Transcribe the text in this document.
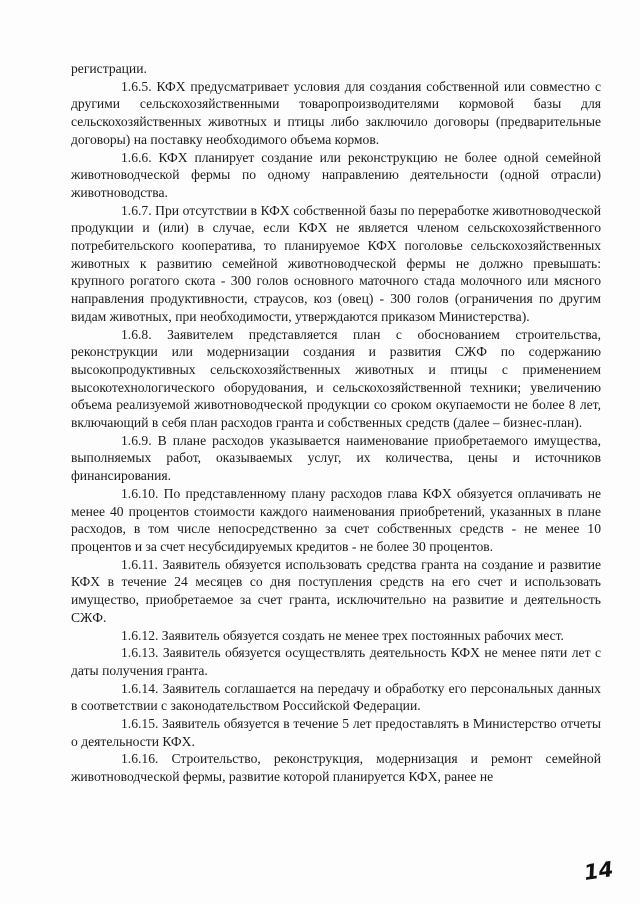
регистрации.

1.6.5. КФХ предусматривает условия для создания собственной или совместно с другими сельскохозяйственными товаропроизводителями кормовой базы для сельскохозяйственных животных и птицы либо заключило договоры (предварительные договоры) на поставку необходимого объема кормов.

1.6.6. КФХ планирует создание или реконструкцию не более одной семейной животноводческой фермы по одному направлению деятельности (одной отрасли) животноводства.

1.6.7. При отсутствии в КФХ собственной базы по переработке животноводческой продукции и (или) в случае, если КФХ не является членом сельскохозяйственного потребительского кооператива, то планируемое КФХ поголовье сельскохозяйственных животных к развитию семейной животноводческой фермы не должно превышать: крупного рогатого скота - 300 голов основного маточного стада молочного или мясного направления продуктивности, страусов, коз (овец) - 300 голов (ограничения по другим видам животных, при необходимости, утверждаются приказом Министерства).

1.6.8. Заявителем представляется план с обоснованием строительства, реконструкции или модернизации создания и развития СЖФ по содержанию высокопродуктивных сельскохозяйственных животных и птицы с применением высокотехнологического оборудования, и сельскохозяйственной техники; увеличению объема реализуемой животноводческой продукции со сроком окупаемости не более 8 лет, включающий в себя план расходов гранта и собственных средств (далее – бизнес-план).

1.6.9. В плане расходов указывается наименование приобретаемого имущества, выполняемых работ, оказываемых услуг, их количества, цены и источников финансирования.

1.6.10. По представленному плану расходов глава КФХ обязуется оплачивать не менее 40 процентов стоимости каждого наименования приобретений, указанных в плане расходов, в том числе непосредственно за счет собственных средств - не менее 10 процентов и за счет несубсидируемых кредитов - не более 30 процентов.

1.6.11. Заявитель обязуется использовать средства гранта на создание и развитие КФХ в течение 24 месяцев со дня поступления средств на его счет и использовать имущество, приобретаемое за счет гранта, исключительно на развитие и деятельность СЖФ.

1.6.12. Заявитель обязуется создать не менее трех постоянных рабочих мест.

1.6.13. Заявитель обязуется осуществлять деятельность КФХ не менее пяти лет с даты получения гранта.

1.6.14. Заявитель соглашается на передачу и обработку его персональных данных в соответствии с законодательством Российской Федерации.

1.6.15. Заявитель обязуется в течение 5 лет предоставлять в Министерство отчеты о деятельности КФХ.

1.6.16. Строительство, реконструкция, модернизация и ремонт семейной животноводческой фермы, развитие которой планируется КФХ, ранее не

14
